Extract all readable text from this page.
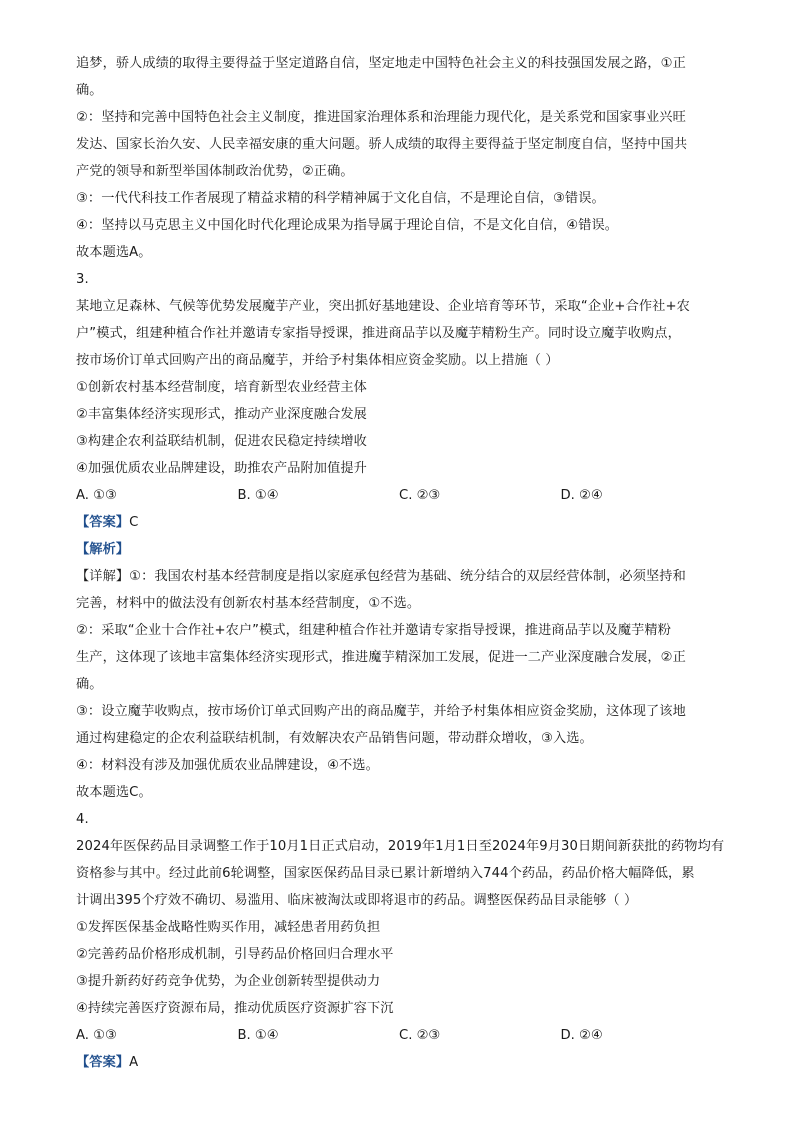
追梦，骄人成绩的取得主要得益于坚定道路自信，坚定地走中国特色社会主义的科技强国发展之路，①正

确。

②：坚持和完善中国特色社会主义制度，推进国家治理体系和治理能力现代化，是关系党和国家事业兴旺

发达、国家长治久安、人民幸福安康的重大问题。骄人成绩的取得主要得益于坚定制度自信，坚持中国共

产党的领导和新型举国体制政治优势，②正确。

③：一代代科技工作者展现了精益求精的科学精神属于文化自信，不是理论自信，③错误。

④：坚持以马克思主义中国化时代化理论成果为指导属于理论自信，不是文化自信，④错误。

故本题选A。

3.

某地立足森林、气候等优势发展魔芋产业，突出抓好基地建设、企业培育等环节，采取“企业+合作社+农

户”模式，组建种植合作社并邀请专家指导授课，推进商品芋以及魔芋精粉生产。同时设立魔芋收购点，

按市场价订单式回购产出的商品魔芋，并给予村集体相应资金奖励。以上措施（ ）

①创新农村基本经营制度，培育新型农业经营主体

②丰富集体经济实现形式，推动产业深度融合发展

③构建企农利益联结机制，促进农民稳定持续增收

④加强优质农业品牌建设，助推农产品附加值提升

A. ①③	B. ①④	C. ②③	D. ②④

【答案】C

【解析】

【详解】①：我国农村基本经营制度是指以家庭承包经营为基础、统分结合的双层经营体制，必须坚持和

完善，材料中的做法没有创新农村基本经营制度，①不选。

②：采取“企业十合作社+农户”模式，组建种植合作社并邀请专家指导授课，推进商品芋以及魔芋精粉

生产，这体现了该地丰富集体经济实现形式，推进魔芋精深加工发展，促进一二产业深度融合发展，②正

确。

③：设立魔芋收购点，按市场价订单式回购产出的商品魔芋，并给予村集体相应资金奖励，这体现了该地

通过构建稳定的企农利益联结机制，有效解决农产品销售问题，带动群众增收，③入选。

④：材料没有涉及加强优质农业品牌建设，④不选。

故本题选C。

4.

2024年医保药品目录调整工作于10月1日正式启动，2019年1月1日至2024年9月30日期间新获批的药物均有

资格参与其中。经过此前6轮调整，国家医保药品目录已累计新增纳入744个药品，药品价格大幅降低，累

计调出395个疗效不确切、易滥用、临床被淘汰或即将退市的药品。调整医保药品目录能够（ ）

①发挥医保基金战略性购买作用，减轻患者用药负担

②完善药品价格形成机制，引导药品价格回归合理水平

③提升新药好药竞争优势，为企业创新转型提供动力

④持续完善医疗资源布局，推动优质医疗资源扩容下沉

A. ①③	B. ①④	C. ②③	D. ②④

【答案】A
